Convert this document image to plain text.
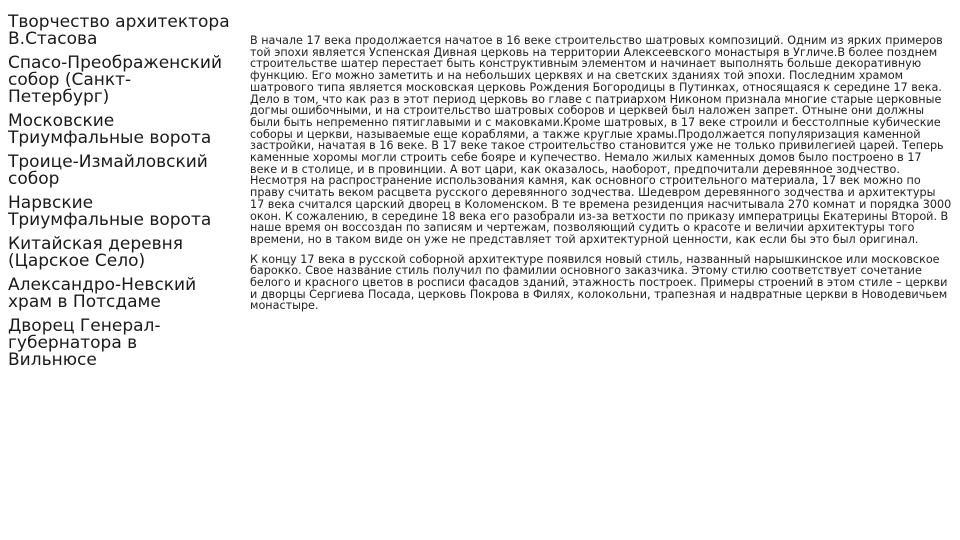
Творчество архитектора В.Стасова
Спасо-Преображенский собор (Санкт-Петербург)
Московские Триумфальные ворота
Троице-Измайловский собор
Нарвские Триумфальные ворота
Китайская деревня (Царское Село)
Александро-Невский храм в Потсдаме
Дворец Генерал-губернатора в Вильнюсе

В начале 17 века продолжается начатое в 16 веке строительство шатровых композиций. Одним из ярких примеров той эпохи является Успенская Дивная церковь на территории Алексеевского монастыря в Угличе.В более позднем строительстве шатер перестает быть конструктивным элементом и начинает выполнять больше декоративную функцию. Его можно заметить и на небольших церквях и на светских зданиях той эпохи. Последним храмом шатрового типа является московская церковь Рождения Богородицы в Путинках, относящаяся к середине 17 века. Дело в том, что как раз в этот период церковь во главе с патриархом Никоном признала многие старые церковные догмы ошибочными, и на строительство шатровых соборов и церквей был наложен запрет. Отныне они должны были быть непременно пятиглавыми и с маковками.Кроме шатровых, в 17 веке строили и бесстолпные кубические соборы и церкви, называемые еще кораблями, а также круглые храмы.Продолжается популяризация каменной застройки, начатая в 16 веке. В 17 веке такое строительство становится уже не только привилегией царей. Теперь каменные хоромы могли строить себе бояре и купечество. Немало жилых каменных домов было построено в 17 веке и в столице, и в провинции. А вот цари, как оказалось, наоборот, предпочитали деревянное зодчество. Несмотря на распространение использования камня, как основного строительного материала, 17 век можно по праву считать веком расцвета русского деревянного зодчества. Шедевром деревянного зодчества и архитектуры 17 века считался царский дворец в Коломенском. В те времена резиденция насчитывала 270 комнат и порядка 3000 окон. К сожалению, в середине 18 века его разобрали из-за ветхости по приказу императрицы Екатерины Второй. В наше время он воссоздан по записям и чертежам, позволяющий судить о красоте и величии архитектуры того времени, но в таком виде он уже не представляет той архитектурной ценности, как если бы это был оригинал.

К концу 17 века в русской соборной архитектуре появился новый стиль, названный нарышкинское или московское барокко. Свое название стиль получил по фамилии основного заказчика. Этому стилю соответствует сочетание белого и красного цветов в росписи фасадов зданий, этажность построек. Примеры строений в этом стиле – церкви и дворцы Сергиева Посада, церковь Покрова в Филях, колокольни, трапезная и надвратные церкви в Новодевичьем монастыре.
